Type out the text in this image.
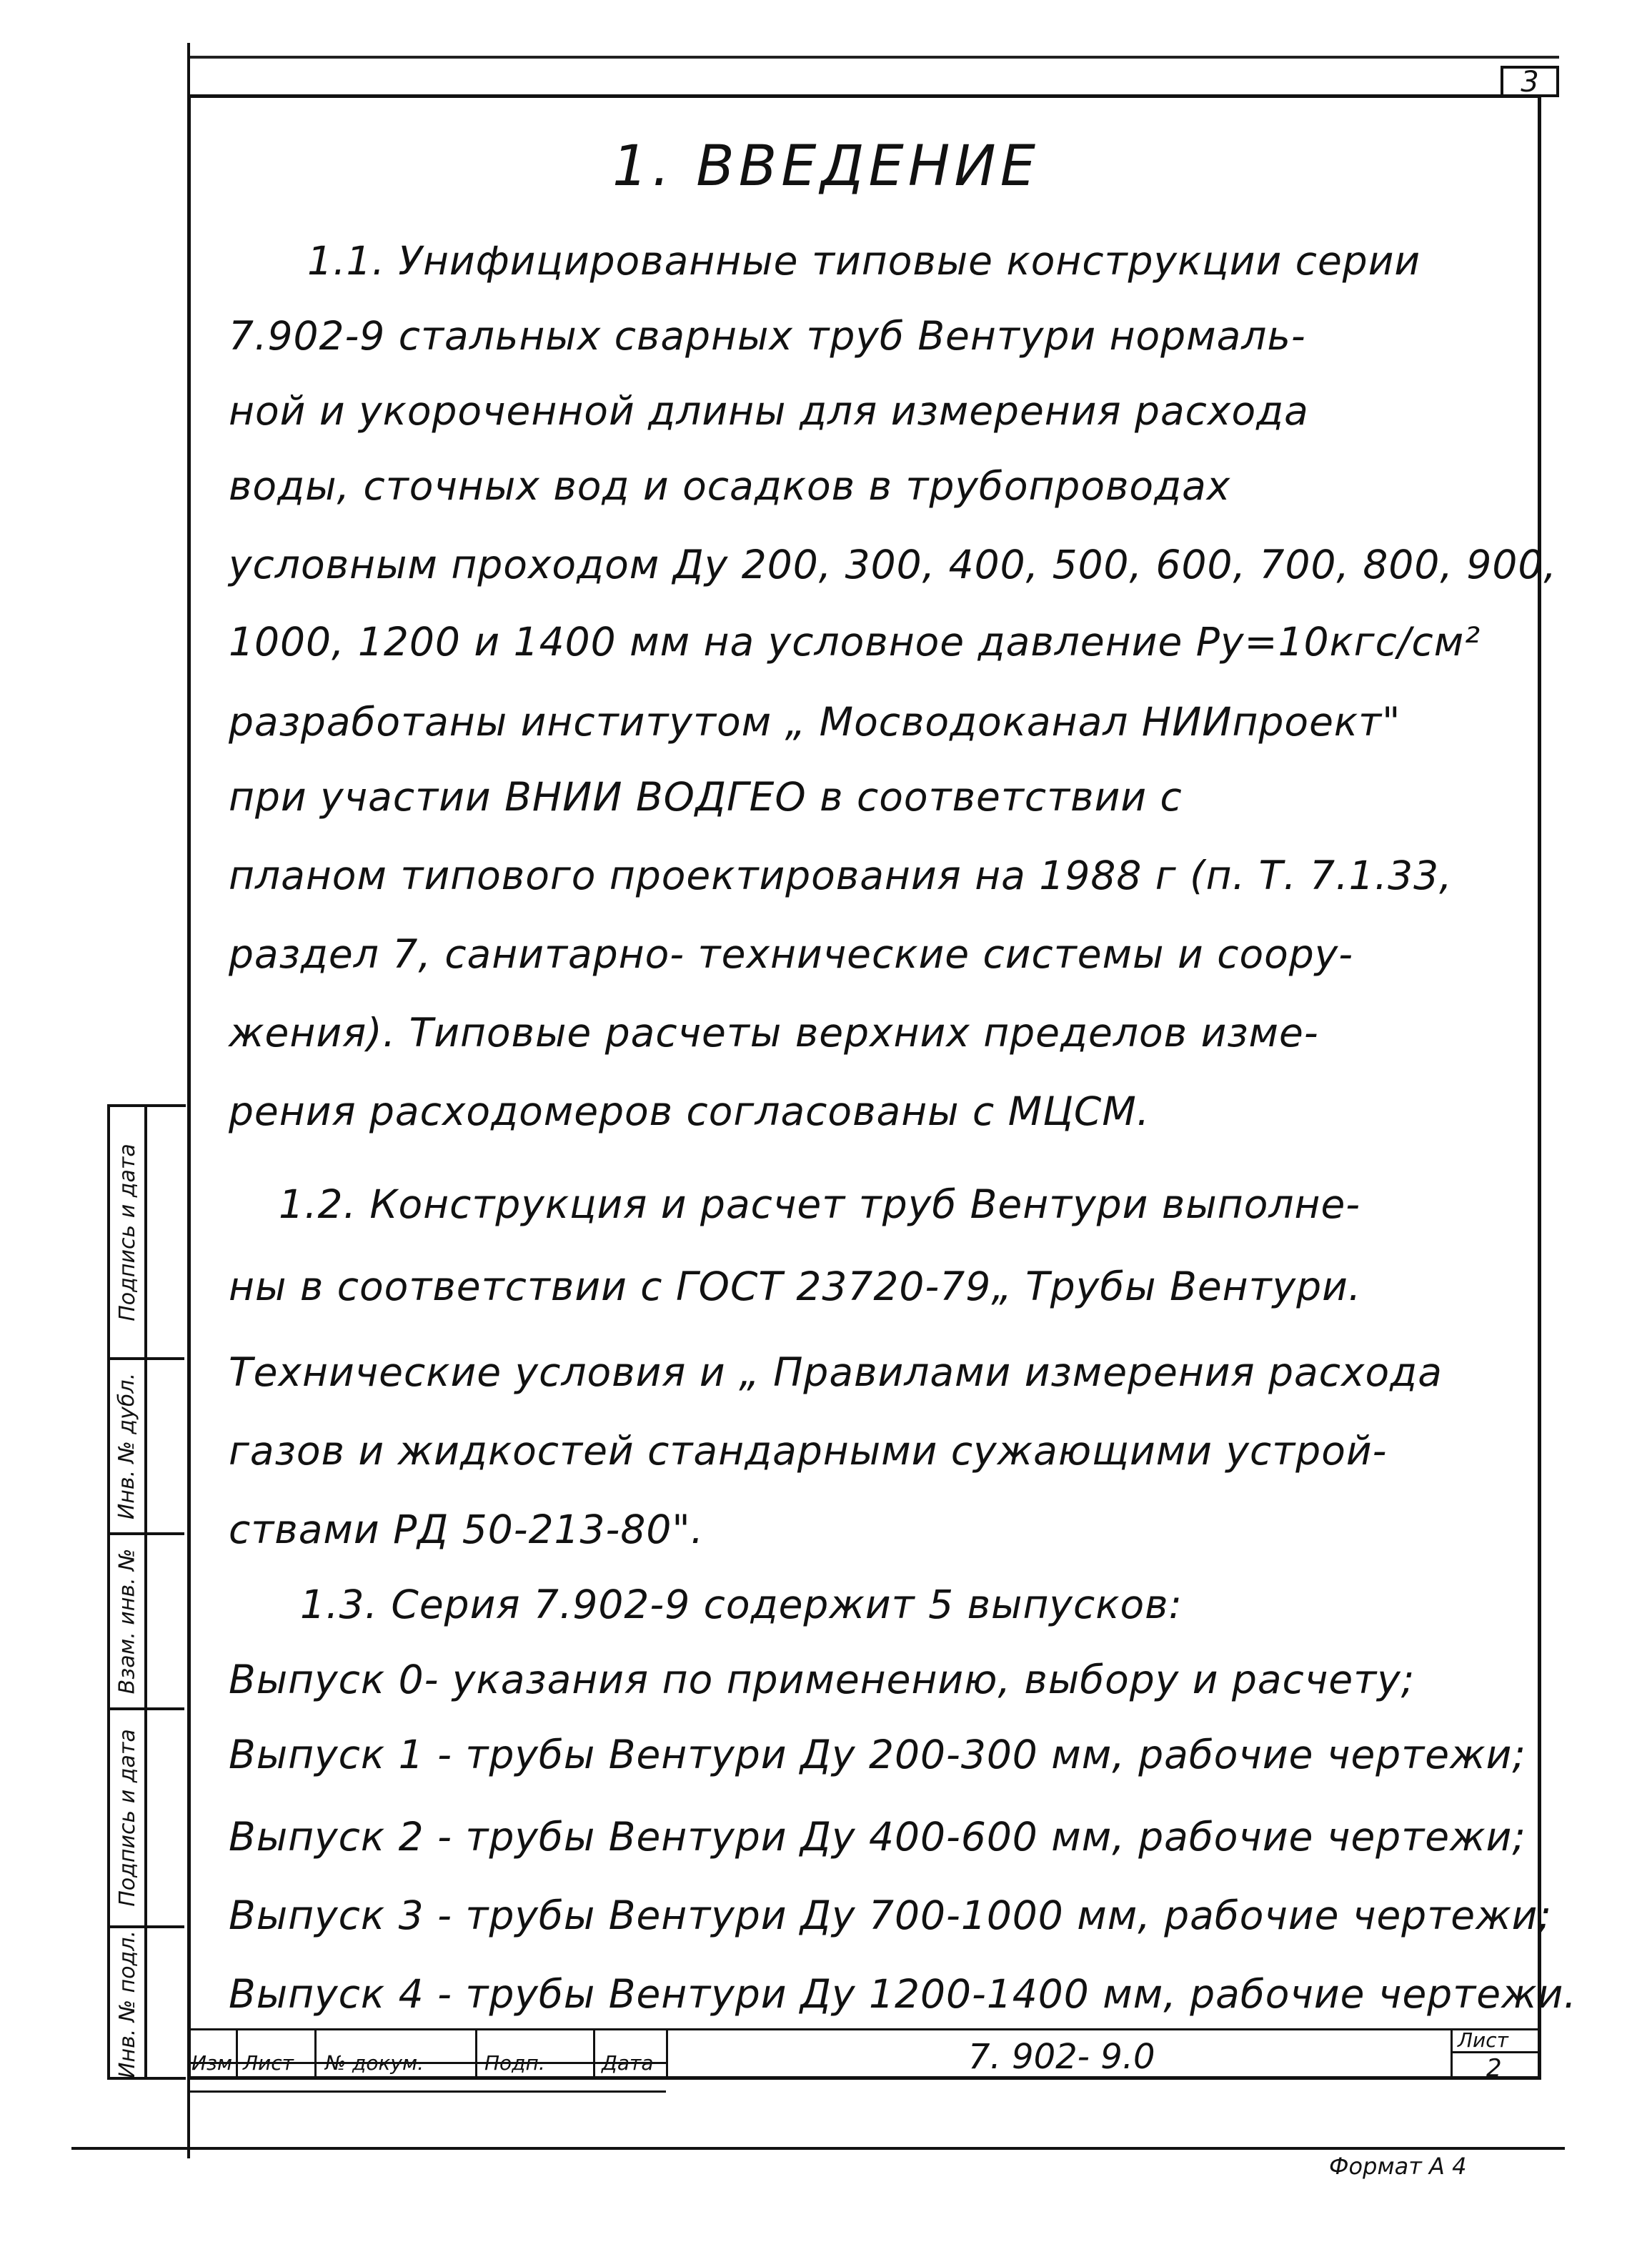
3
1. ВВЕДЕНИЕ
1.1. Унифицированные типовые конструкции серии
7.902-9 стальных сварных труб Вентури нормаль-
ной и укороченной длины для измерения расхода
воды, сточных вод и осадков в трубопроводах
условным проходом Ду 200, 300, 400, 500, 600, 700, 800, 900,
1000, 1200 и 1400 мм на условное давление Ру=10кгс/см²
разработаны институтом „ Мосводоканал НИИпроект"
при участии ВНИИ ВОДГЕО в соответствии с
планом типового проектирования на 1988 г (п. Т. 7.1.33,
раздел 7, санитарно- технические системы и соору-
жения). Типовые расчеты верхних пределов изме-
рения расходомеров согласованы с МЦСМ.
1.2. Конструкция и расчет труб Вентури выполне-
ны в соответствии с ГОСТ 23720-79„ Трубы Вентури.
Технические условия и „ Правилами измерения расхода
газов и жидкостей стандарными сужающими устрой-
ствами РД 50-213-80".
1.3. Серия 7.902-9 содержит 5 выпусков:
Выпуск 0- указания по применению, выбору и расчету;
Выпуск 1 - трубы Вентури Ду 200-300 мм, рабочие чертежи;
Выпуск 2 - трубы Вентури Ду 400-600 мм, рабочие чертежи;
Выпуск 3 - трубы Вентури Ду 700-1000 мм, рабочие чертежи;
Выпуск 4 - трубы Вентури Ду 1200-1400 мм, рабочие чертежи.
Подпись и дата
Инв. № дубл.
Взам. инв. №
Подпись и дата
Инв. № подл.	Изм Лист № докум.	Подп.	Дата	7. 902- 9.0	Лист
2
Формат А 4
